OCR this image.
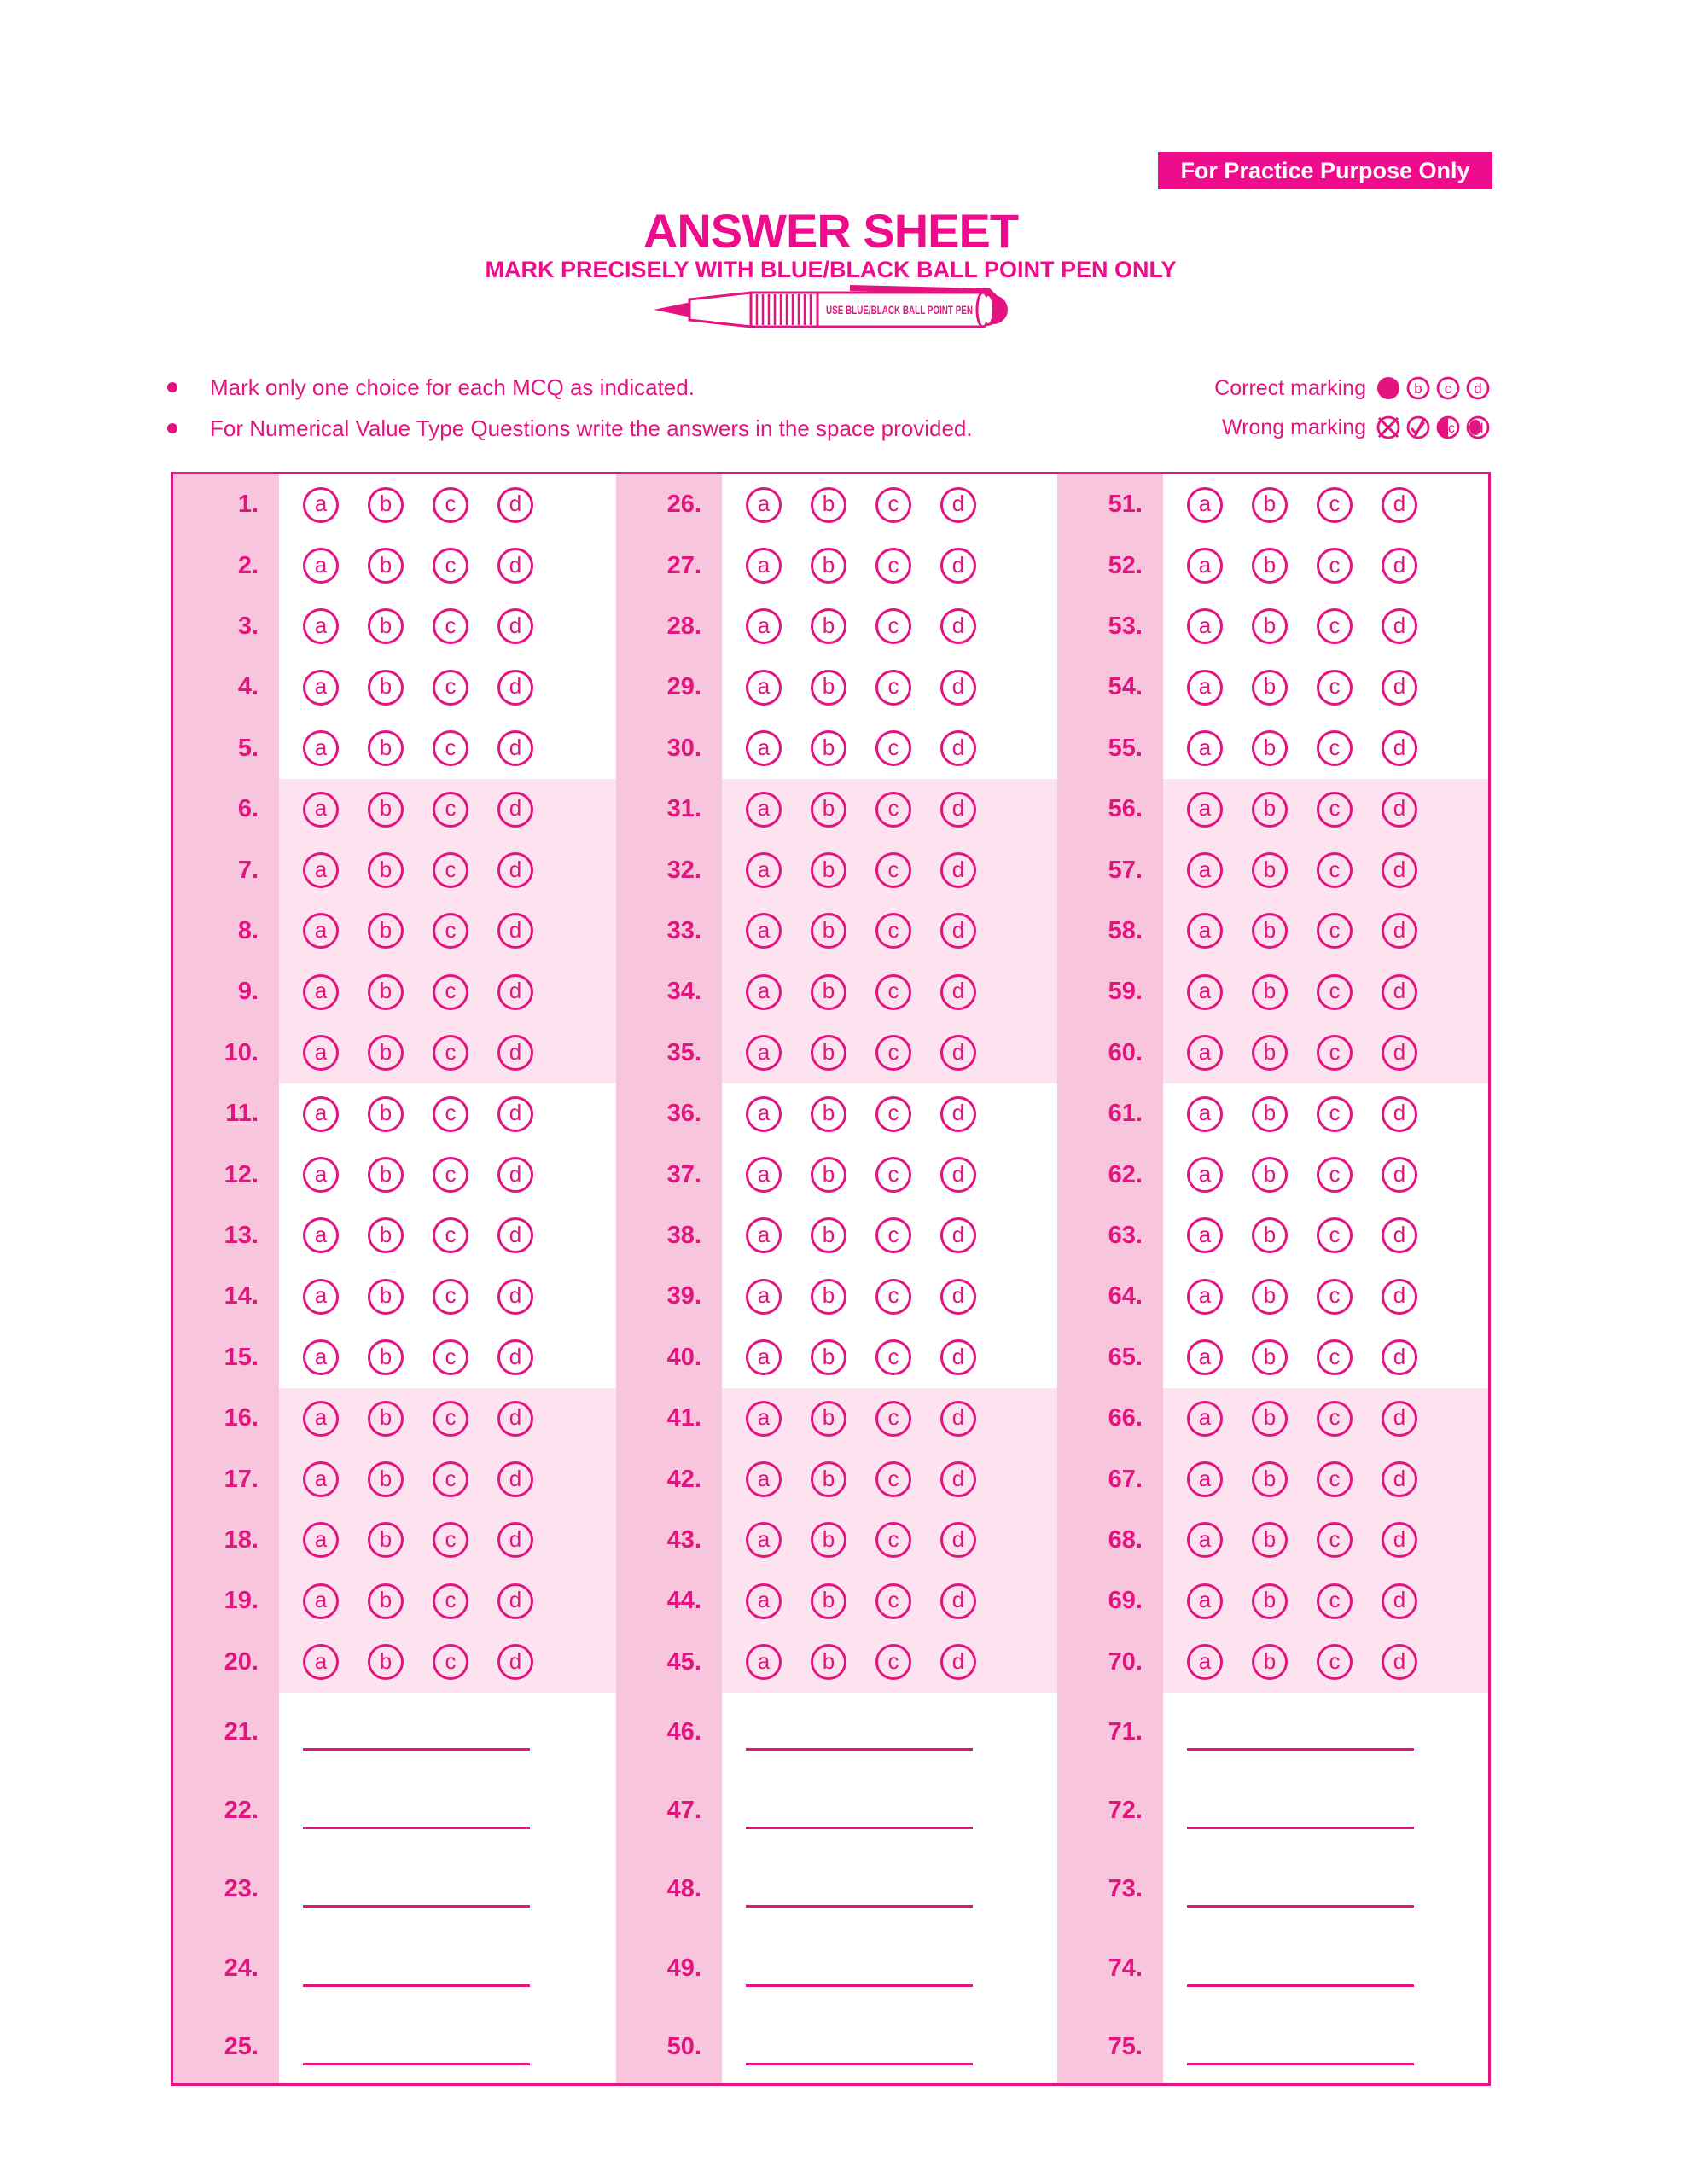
For Practice Purpose Only
ANSWER SHEET
MARK PRECISELY WITH BLUE/BLACK BALL POINT PEN ONLY
USE BLUE/BLACK BALL POINT PEN
Mark only one choice for each MCQ as indicated.
For Numerical Value Type Questions write the answers in the space provided.
Correct marking	b c d
Wrong marking	c d
1.	a	b	c	d
2.	a	b	c	d
3.	a	b	c	d
4.	a	b	c	d
5.	a	b	c	d
6.	a	b	c	d
7.	a	b	c	d
8.	a	b	c	d
9.	a	b	c	d
10.	a	b	c	d
11.	a	b	c	d
12.	a	b	c	d
13.	a	b	c	d
14.	a	b	c	d
15.	a	b	c	d
16.	a	b	c	d
17.	a	b	c	d
18.	a	b	c	d
19.	a	b	c	d
20.	a	b	c	d
21.
22.
23.
24.
25.
26.	a	b	c	d
27.	a	b	c	d
28.	a	b	c	d
29.	a	b	c	d
30.	a	b	c	d
31.	a	b	c	d
32.	a	b	c	d
33.	a	b	c	d
34.	a	b	c	d
35.	a	b	c	d
36.	a	b	c	d
37.	a	b	c	d
38.	a	b	c	d
39.	a	b	c	d
40.	a	b	c	d
41.	a	b	c	d
42.	a	b	c	d
43.	a	b	c	d
44.	a	b	c	d
45.	a	b	c	d
46.
47.
48.
49.
50.
51.	a	b	c	d
52.	a	b	c	d
53.	a	b	c	d
54.	a	b	c	d
55.	a	b	c	d
56.	a	b	c	d
57.	a	b	c	d
58.	a	b	c	d
59.	a	b	c	d
60.	a	b	c	d
61.	a	b	c	d
62.	a	b	c	d
63.	a	b	c	d
64.	a	b	c	d
65.	a	b	c	d
66.	a	b	c	d
67.	a	b	c	d
68.	a	b	c	d
69.	a	b	c	d
70.	a	b	c	d
71.
72.
73.
74.
75.
